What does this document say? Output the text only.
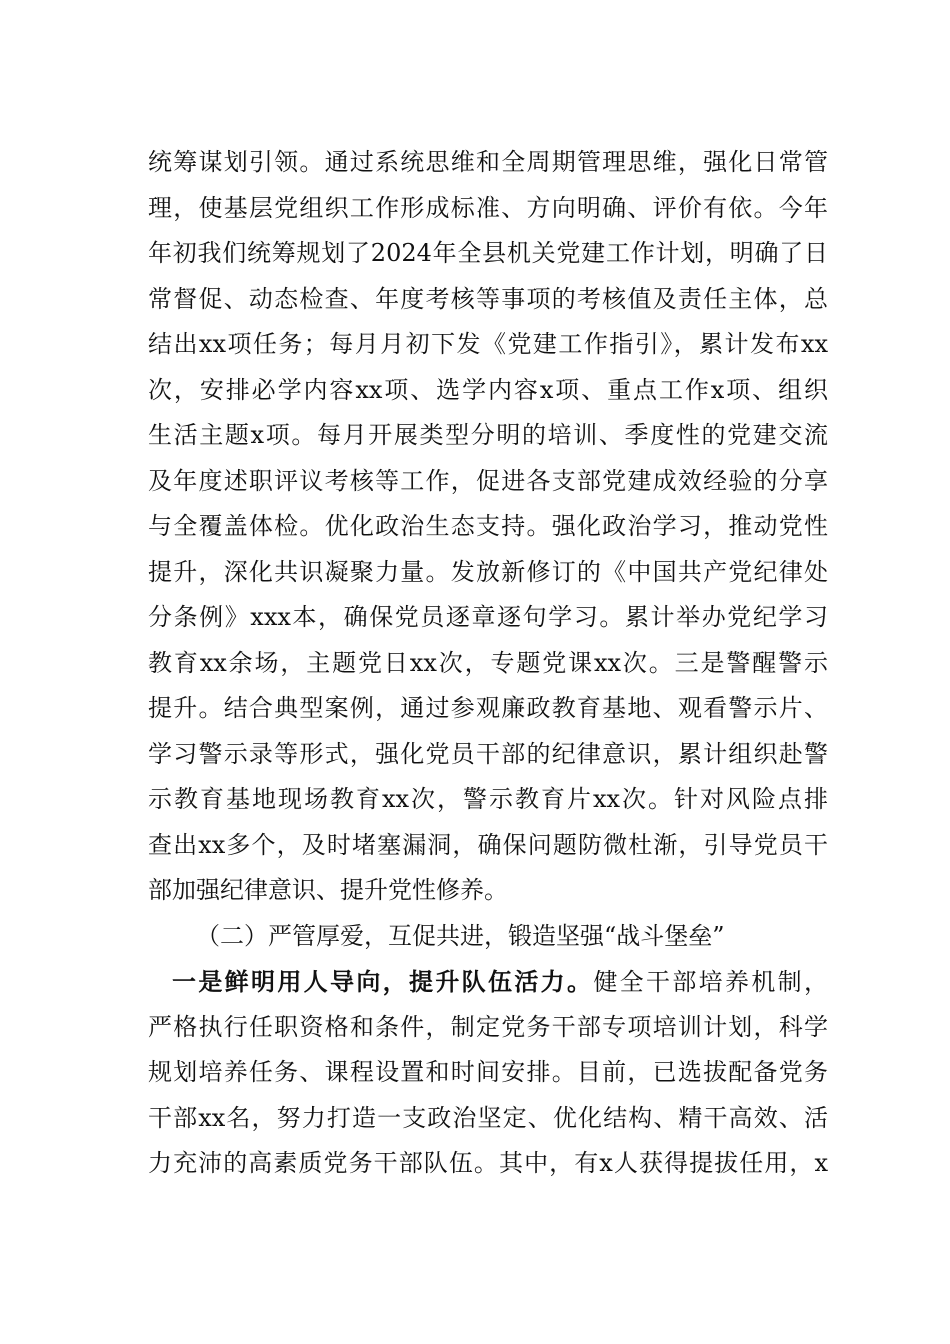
统筹谋划引领。通过系统思维和全周期管理思维，强化日常管
理，使基层党组织工作形成标准、方向明确、评价有依。今年
年初我们统筹规划了2024年全县机关党建工作计划，明确了日
常督促、动态检查、年度考核等事项的考核值及责任主体，总
结出xx项任务；每月月初下发《党建工作指引》，累计发布xx
次，安排必学内容xx项、选学内容x项、重点工作x项、组织
生活主题x项。每月开展类型分明的培训、季度性的党建交流
及年度述职评议考核等工作，促进各支部党建成效经验的分享
与全覆盖体检。优化政治生态支持。强化政治学习，推动党性
提升，深化共识凝聚力量。发放新修订的《中国共产党纪律处
分条例》xxx本，确保党员逐章逐句学习。累计举办党纪学习
教育xx余场，主题党日xx次，专题党课xx次。三是警醒警示
提升。结合典型案例，通过参观廉政教育基地、观看警示片、
学习警示录等形式，强化党员干部的纪律意识，累计组织赴警
示教育基地现场教育xx次，警示教育片xx次。针对风险点排
查出xx多个，及时堵塞漏洞，确保问题防微杜渐，引导党员干
部加强纪律意识、提升党性修养。
（二）严管厚爱，互促共进，锻造坚强“战斗堡垒”
一是鲜明用人导向，提升队伍活力。健全干部培养机制，
严格执行任职资格和条件，制定党务干部专项培训计划，科学
规划培养任务、课程设置和时间安排。目前，已选拔配备党务
干部xx名，努力打造一支政治坚定、优化结构、精干高效、活
力充沛的高素质党务干部队伍。其中，有x人获得提拔任用，x
